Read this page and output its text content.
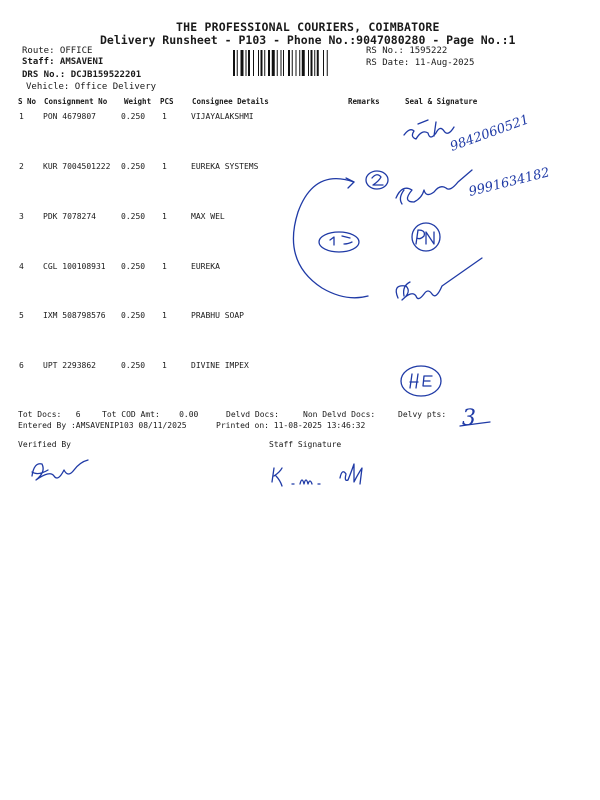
THE PROFESSIONAL COURIERS, COIMBATORE
Delivery Runsheet - P103 - Phone No.:9047080280 - Page No.:1
Route: OFFICE
Staff: AMSAVENI
DRS No.: DCJB159522201
Vehicle: Office Delivery
RS No.: 1595222
RS Date: 11-Aug-2025
S No Consignment No Weight PCS Consignee Details	Remarks	Seal & Signature
1 PON 4679807	0.250 1	VIJAYALAKSHMI
2 KUR 7004501222 0.250 1	EUREKA SYSTEMS
3 PDK 7078274	0.250 1	MAX WEL
4 CGL 100108931 0.250 1	EUREKA
5 IXM 508798576 0.250 1	PRABHU SOAP
6 UPT 2293862	0.250 1	DIVINE IMPEX
Tot Docs:   6	Tot COD Amt:    0.00	Delvd Docs:	Non Delvd Docs:	Delvy pts:
Entered By :AMSAVENIP103 08/11/2025	Printed on: 11-08-2025 13:46:32
Verified By	Staff Signature
9842060521
9991634182
3
